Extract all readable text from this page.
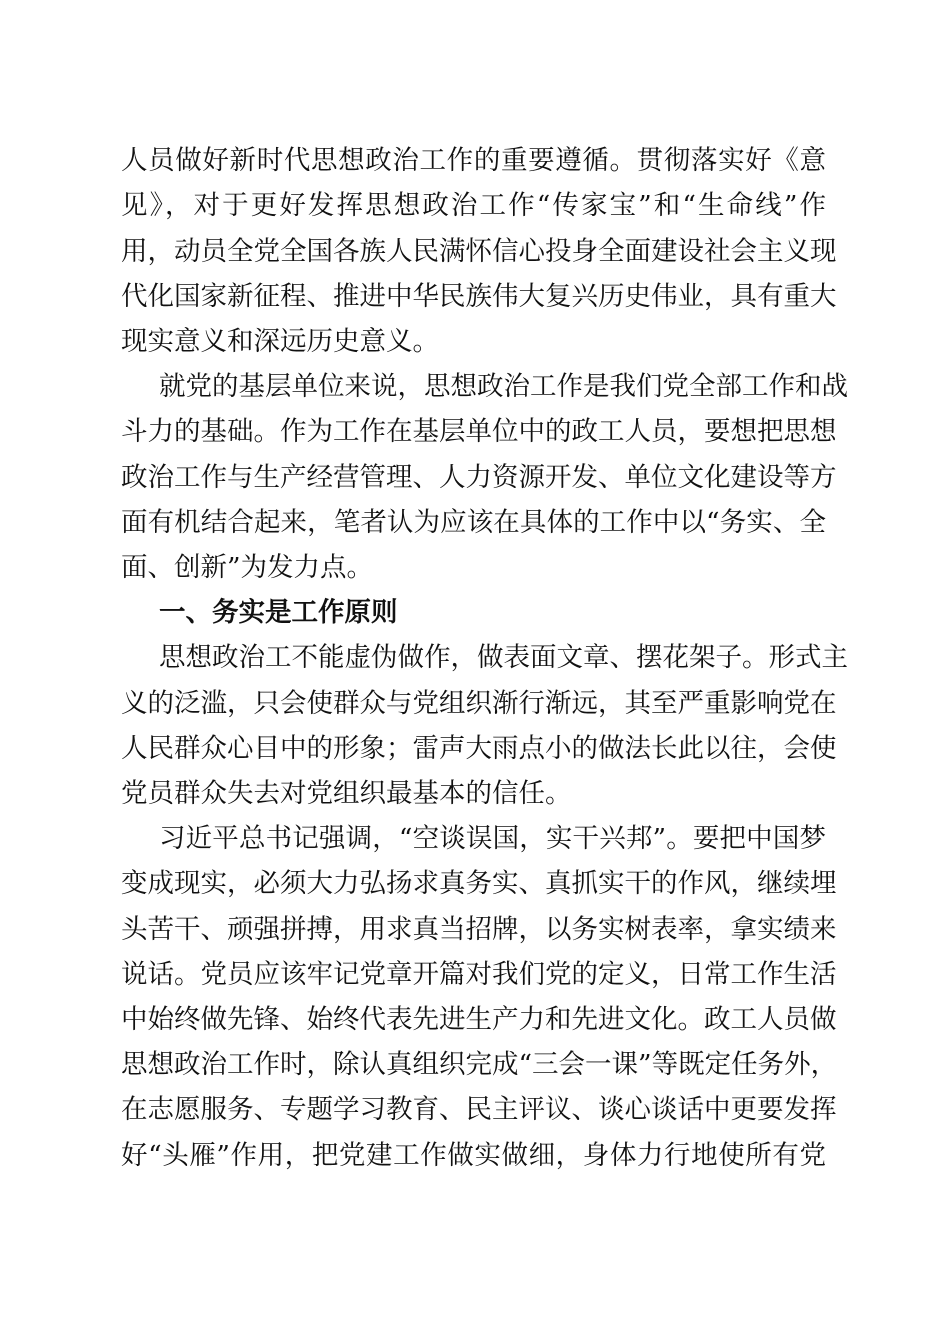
人员做好新时代思想政治工作的重要遵循。贯彻落实好《意
见》，对于更好发挥思想政治工作“传家宝”和“生命线”作
用，动员全党全国各族人民满怀信心投身全面建设社会主义现
代化国家新征程、推进中华民族伟大复兴历史伟业，具有重大
现实意义和深远历史意义。
就党的基层单位来说，思想政治工作是我们党全部工作和战
斗力的基础。作为工作在基层单位中的政工人员，要想把思想
政治工作与生产经营管理、人力资源开发、单位文化建设等方
面有机结合起来，笔者认为应该在具体的工作中以“务实、全
面、创新”为发力点。
一、务实是工作原则
思想政治工不能虚伪做作，做表面文章、摆花架子。形式主
义的泛滥，只会使群众与党组织渐行渐远，其至严重影响党在
人民群众心目中的形象；雷声大雨点小的做法长此以往，会使
党员群众失去对党组织最基本的信任。
习近平总书记强调，“空谈误国，实干兴邦”。要把中国梦
变成现实，必须大力弘扬求真务实、真抓实干的作风，继续埋
头苦干、顽强拼搏，用求真当招牌，以务实树表率，拿实绩来
说话。党员应该牢记党章开篇对我们党的定义，日常工作生活
中始终做先锋、始终代表先进生产力和先进文化。政工人员做
思想政治工作时，除认真组织完成“三会一课”等既定任务外，
在志愿服务、专题学习教育、民主评议、谈心谈话中更要发挥
好“头雁”作用，把党建工作做实做细，身体力行地使所有党
